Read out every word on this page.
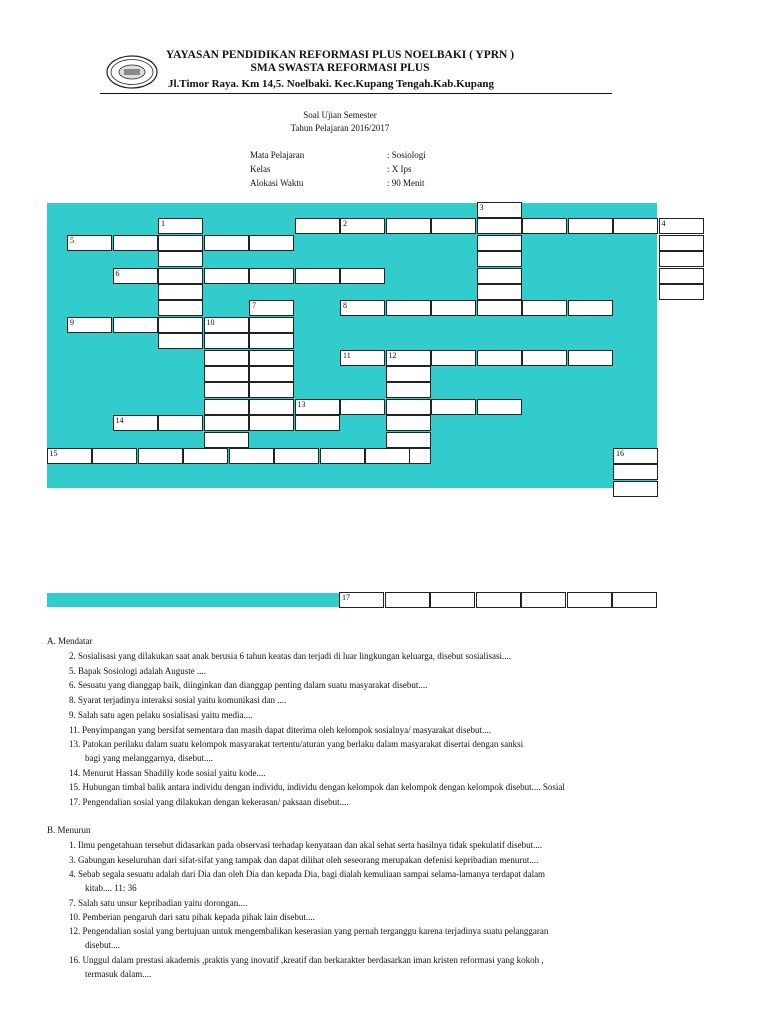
YAYASAN PENDIDIKAN REFORMASI PLUS NOELBAKI ( YPRN )
SMA SWASTA REFORMASI PLUS
Jl.Timor Raya. Km 14,5. Noelbaki. Kec.Kupang Tengah.Kab.Kupang
Soal Ujian Semester
Tahun Pelajaran 2016/2017
Mata Pelajaran	: Sosiologi
Kelas	: X Ips
Alokasi Waktu	: 90 Menit
3
4
2
5
1
6
7
10
8
9
11	12
13
14
15	16
17
A. Mendatar
2. Sosialisasi yang dilakukan saat anak berusia 6 tahun keatas dan terjadi di luar lingkungan keluarga, disebut sosialisasi....
5. Bapak Sosiologi adalah Auguste ....
6. Sesuatu yang dianggap baik, diinginkan dan dianggap penting dalam suatu masyarakat disebut....
8. Syarat terjadinya interaksi sosial yaitu komunikasi dan ....
9. Salah satu agen pelaku sosialisasi yaitu media....
11. Penyimpangan yang bersifat sementara dan masih dapat diterima oleh kelompok sosialnya/ masyarakat disebut....
13. Patokan perilaku dalam suatu kelompok masyarakat tertentu/aturan yang berlaku dalam masyarakat disertai dengan sanksi
bagi yang melanggarnya, disebut....
14. Menurut Hassan Shadilly kode sosial yaitu kode....
15. Hubungan timbal balik antara individu dengan individu, individu dengan kelompok dan kelompok dengan kelompok disebut.... Sosial
17. Pengendalian sosial yang dilakukan dengan kekerasan/ paksaan disebut....
B. Menurun
1. Ilmu pengetahuan tersebut didasarkan pada observasi terhadap kenyataan dan akal sehat serta hasilnya tidak spekulatif disebut....
3. Gabungan keseluruhan dari sifat-sifat yang tampak dan dapat dilihat oleh seseorang merupakan defenisi kepribadian menurut....
4. Sebab segala sesuatu adalah dari Dia dan oleh Dia dan kepada Dia, bagi dialah kemuliaan sampai selama-lamanya terdapat dalam
kitab.... 11: 36
7. Salah satu unsur kepribadian yaitu dorongan....
10. Pemberian pengaruh dari satu pihak kepada pihak lain disebut....
12. Pengendalian sosial yang bertujuan untuk mengembalikan keserasian yang pernah terganggu karena terjadinya suatu pelanggaran
disebut....
16. Unggul dalam prestasi akademis ,praktis yang inovatif ,kreatif dan berkarakter berdasarkan iman kristen reformasi yang kokoh ,
termasuk dalam....
